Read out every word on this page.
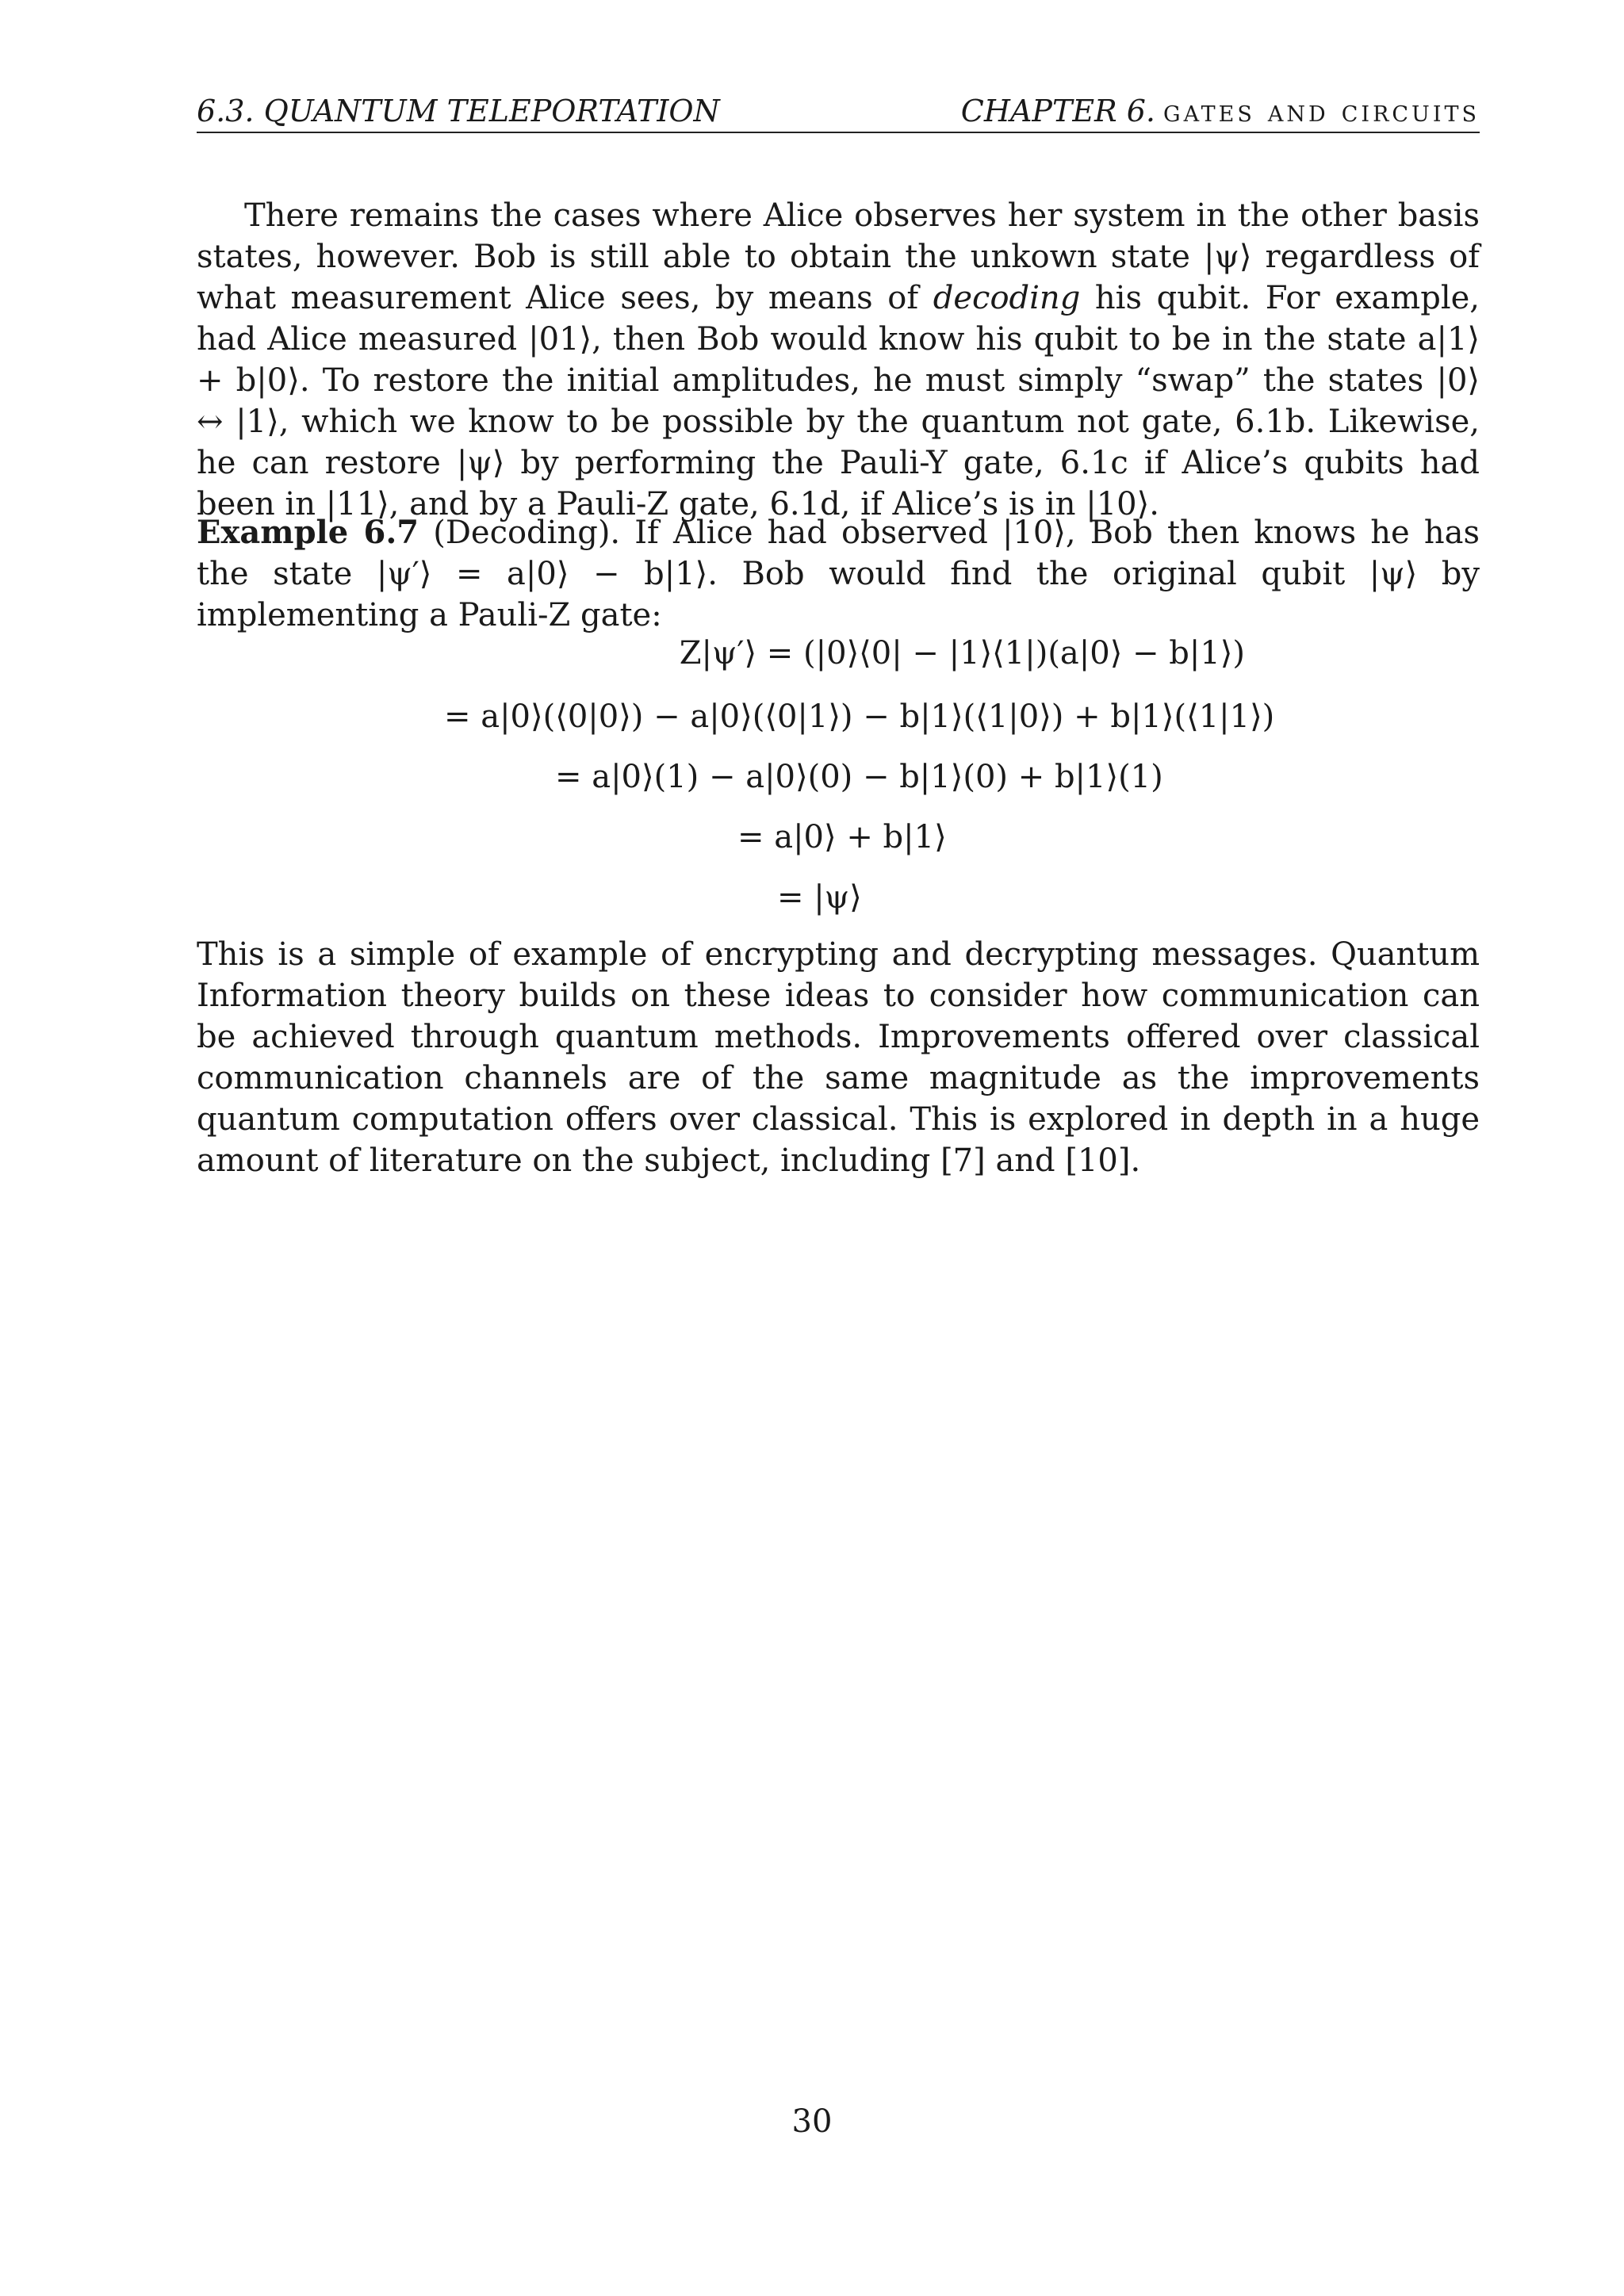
6.3. QUANTUM TELEPORTATION	CHAPTER 6. gates and circuits

There remains the cases where Alice observes her system in the other basis states, however. Bob is still able to obtain the unkown state |ψ⟩ regardless of what measurement Alice sees, by means of decoding his qubit. For example, had Alice measured |01⟩, then Bob would know his qubit to be in the state a|1⟩ + b|0⟩. To restore the initial amplitudes, he must simply “swap” the states |0⟩ ↔ |1⟩, which we know to be possible by the quantum not gate, 6.1b. Likewise, he can restore |ψ⟩ by performing the Pauli-Y gate, 6.1c if Alice’s qubits had been in |11⟩, and by a Pauli-Z gate, 6.1d, if Alice’s is in |10⟩.

Example 6.7 (Decoding). If Alice had observed |10⟩, Bob then knows he has the state |ψ′⟩ = a|0⟩ − b|1⟩. Bob would find the original qubit |ψ⟩ by implementing a Pauli-Z gate:

Z|ψ′⟩ = (|0⟩⟨0| − |1⟩⟨1|)(a|0⟩ − b|1⟩)
= a|0⟩(⟨0|0⟩) − a|0⟩(⟨0|1⟩) − b|1⟩(⟨1|0⟩) + b|1⟩(⟨1|1⟩)
= a|0⟩(1) − a|0⟩(0) − b|1⟩(0) + b|1⟩(1)
= a|0⟩ + b|1⟩
= |ψ⟩

This is a simple of example of encrypting and decrypting messages. Quantum Information theory builds on these ideas to consider how communication can be achieved through quantum methods. Improvements offered over classical communication channels are of the same magnitude as the improvements quantum computation offers over classical. This is explored in depth in a huge amount of literature on the subject, including [7] and [10].

30
